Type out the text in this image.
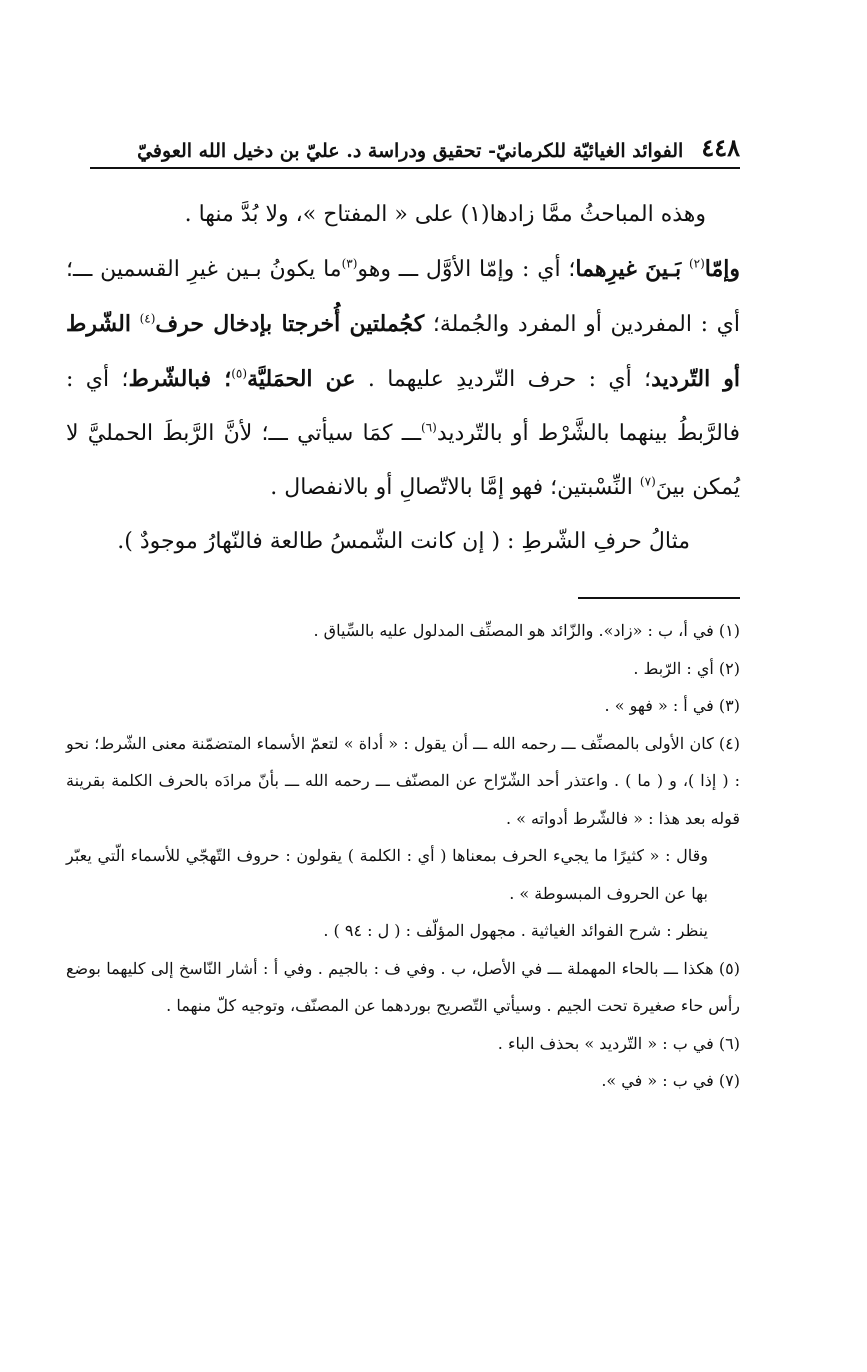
٤٤٨
الفوائد الغيائيّة للكرمانيّ- تحقيق ودراسة د. عليّ بن دخيل الله العوفيّ

وهذه المباحثُ ممَّا زادها(١) على « المفتاح »، ولا بُدَّ منها .

وإمّا$^{(٢)}$ بَـينَ غيرِهما؛ أي : وإمّا الأوَّل ـــ وهو$^{(٣)}$ما يكونُ بـين غيرِ القسمين ـــ؛ أي : المفردين أو المفرد والجُملة؛ كجُملتين أُخرجتا بإدخال حرف$^{(٤)}$ الشّرط أو التّرديد؛ أي : حرف التّرديدِ عليهما . عن الحمَليَّة$^{(٥)}$؛ فبالشّرط؛ أي : فالرَّبطُ بينهما بالشَّرْط أو بالتّرديد$^{(٦)}$ـــ كمَا سيأتي ـــ؛ لأنَّ الرَّبطَ الحمليَّ لا يُمكن بينَ$^{(٧)}$ النِّسْبتين؛ فهو إمَّا بالاتّصالِ أو بالانفصال .

مثالُ حرفِ الشّرطِ : ( إن كانت الشّمسُ طالعة فالنّهارُ موجودٌ ).

(١) في أ، ب : «زاد». والزّائد هو المصنِّف المدلول عليه بالسِّياق .

(٢) أي : الرّبط .

(٣) في أ : « فهو » .

(٤) كان الأولى بالمصنِّف ـــ رحمه الله ـــ أن يقول : « أداة » لتعمّ الأسماء المتضمّنة معنى الشّرط؛ نحو : ( إذا )، و ( ما ) . واعتذر أحد الشّرّاح عن المصنّف ـــ رحمه الله ـــ بأنّ مرادَه بالحرف الكلمة بقرينة قوله بعد هذا : « فالشّرط أدواته » .

وقال : « كثيرًا ما يجيء الحرف بمعناها ( أي : الكلمة ) يقولون : حروف التّهجّي للأسماء الّتي يعبّر بها عن الحروف المبسوطة » .

ينظر : شرح الفوائد الغياثية . مجهول المؤلّف : ( ل : ٩٤ ) .

(٥) هكذا ـــ بالحاء المهملة ـــ في الأصل، ب . وفي ف : بالجيم . وفي أ : أشار النّاسخ إلى كليهما بوضع رأس حاء صغيرة تحت الجيم . وسيأتي التّصريح بوردهما عن المصنّف، وتوجيه كلّ منهما .

(٦) في ب : « التّرديد » بحذف الباء .

(٧) في ب : « في ».
